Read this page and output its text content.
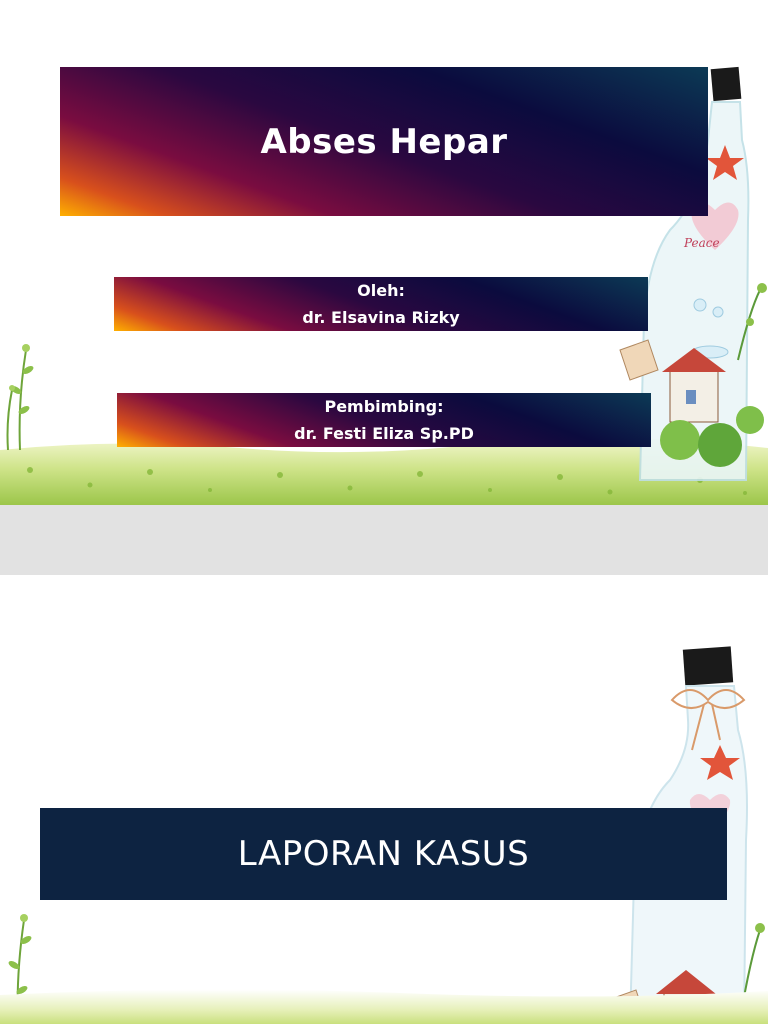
Peace
Abses Hepar
Oleh:
dr. Elsavina Rizky
Pembimbing:
dr. Festi Eliza Sp.PD
LAPORAN KASUS
